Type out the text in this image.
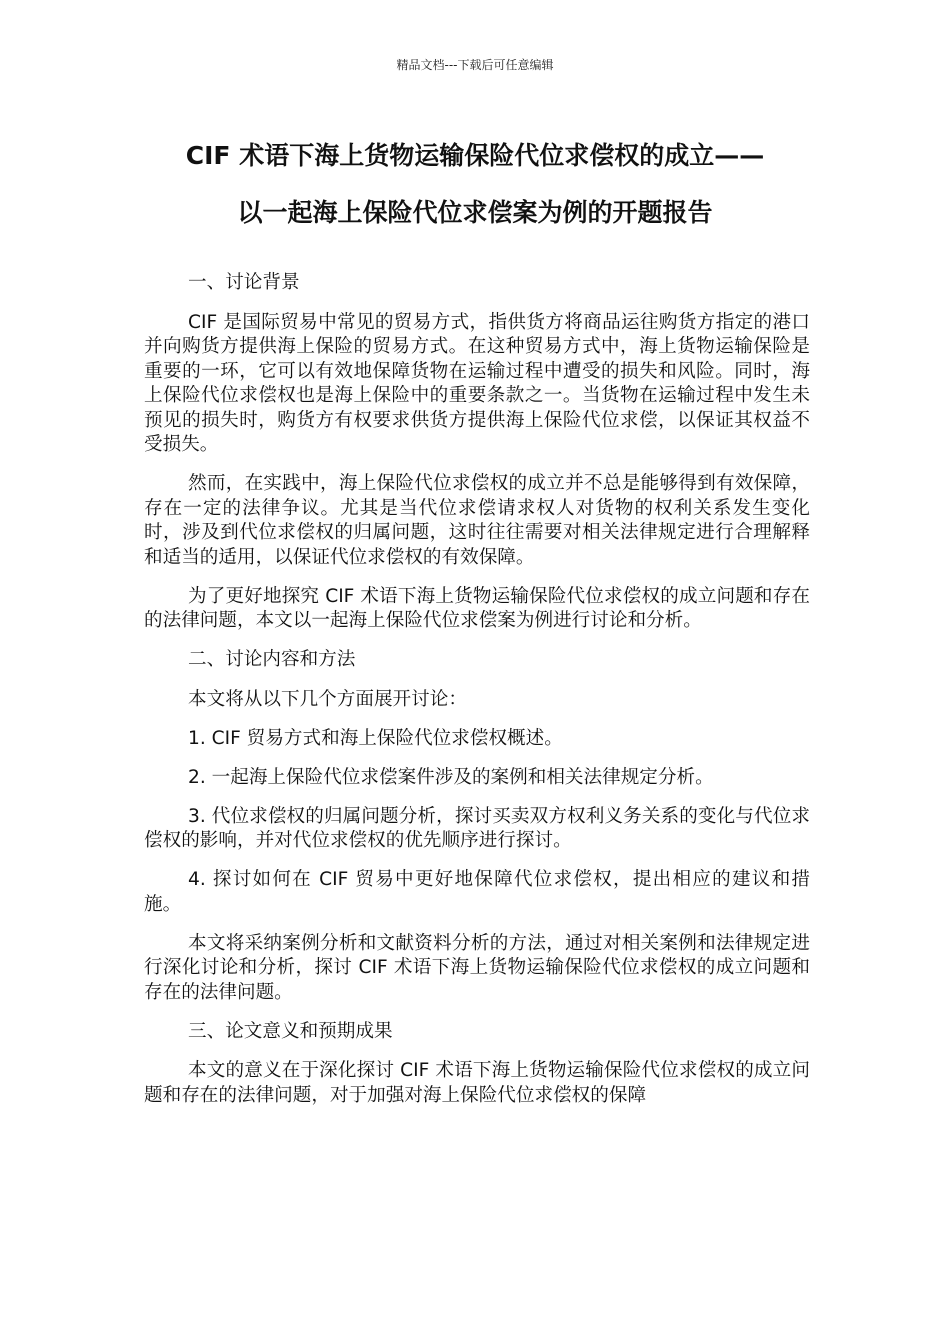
精品文档---下载后可任意编辑
CIF 术语下海上货物运输保险代位求偿权的成立——
以一起海上保险代位求偿案为例的开题报告

一、讨论背景

CIF 是国际贸易中常见的贸易方式，指供货方将商品运往购货方指定的港口并向购货方提供海上保险的贸易方式。在这种贸易方式中，海上货物运输保险是重要的一环，它可以有效地保障货物在运输过程中遭受的损失和风险。同时，海上保险代位求偿权也是海上保险中的重要条款之一。当货物在运输过程中发生未预见的损失时，购货方有权要求供货方提供海上保险代位求偿，以保证其权益不受损失。

然而，在实践中，海上保险代位求偿权的成立并不总是能够得到有效保障，存在一定的法律争议。尤其是当代位求偿请求权人对货物的权利关系发生变化时，涉及到代位求偿权的归属问题，这时往往需要对相关法律规定进行合理解释和适当的适用，以保证代位求偿权的有效保障。

为了更好地探究 CIF 术语下海上货物运输保险代位求偿权的成立问题和存在的法律问题，本文以一起海上保险代位求偿案为例进行讨论和分析。

二、讨论内容和方法

本文将从以下几个方面展开讨论：

1. CIF 贸易方式和海上保险代位求偿权概述。

2. 一起海上保险代位求偿案件涉及的案例和相关法律规定分析。

3. 代位求偿权的归属问题分析，探讨买卖双方权利义务关系的变化与代位求偿权的影响，并对代位求偿权的优先顺序进行探讨。

4. 探讨如何在 CIF 贸易中更好地保障代位求偿权，提出相应的建议和措施。

本文将采纳案例分析和文献资料分析的方法，通过对相关案例和法律规定进行深化讨论和分析，探讨 CIF 术语下海上货物运输保险代位求偿权的成立问题和存在的法律问题。

三、论文意义和预期成果

本文的意义在于深化探讨 CIF 术语下海上货物运输保险代位求偿权的成立问题和存在的法律问题，对于加强对海上保险代位求偿权的保障
